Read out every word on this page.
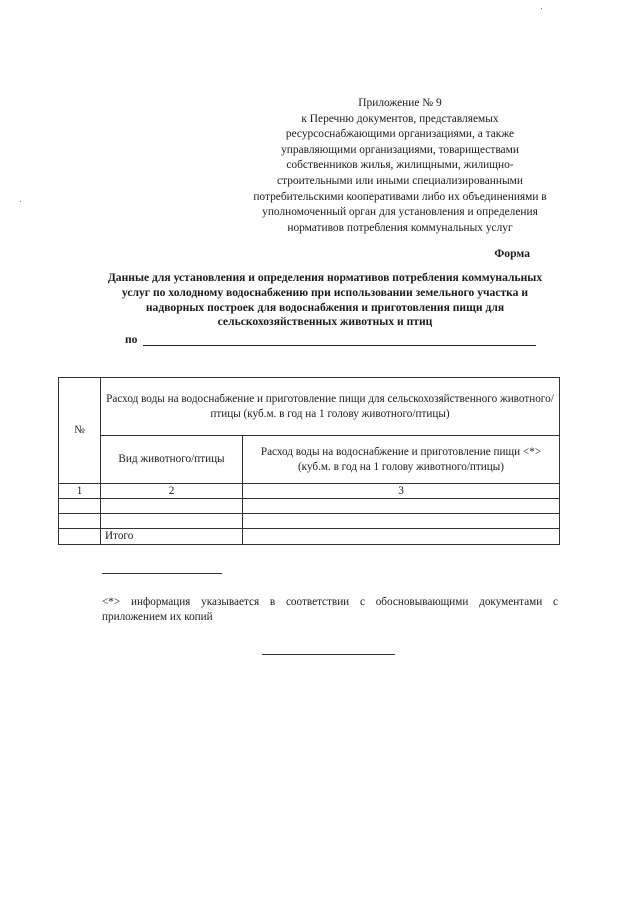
Приложение № 9
к Перечню документов, представляемых
ресурсоснабжающими организациями, а также
управляющими организациями, товариществами
собственников жилья, жилищными, жилищно-
строительными или иными специализированными
потребительскими кооперативами либо их объединениями в
уполномоченный орган для установления и определения
нормативов потребления коммунальных услуг
Форма
Данные для установления и определения нормативов потребления коммунальных
услуг по холодному водоснабжению при использовании земельного участка и
надворных построек для водоснабжения и приготовления пищи для
сельскохозяйственных животных и птиц
по
№	Расход воды на водоснабжение и приготовление пищи для сельскохозяйственного животного/птицы (куб.м. в год на 1 голову животного/птицы)	
	Вид животного/птицы	Расход воды на водоснабжение и приготовление пищи <*> (куб.м. в год на 1 голову животного/птицы)
1	2	3

	Итого	
<*> информация указывается в соответствии с обосновывающими документами с приложением их копий
